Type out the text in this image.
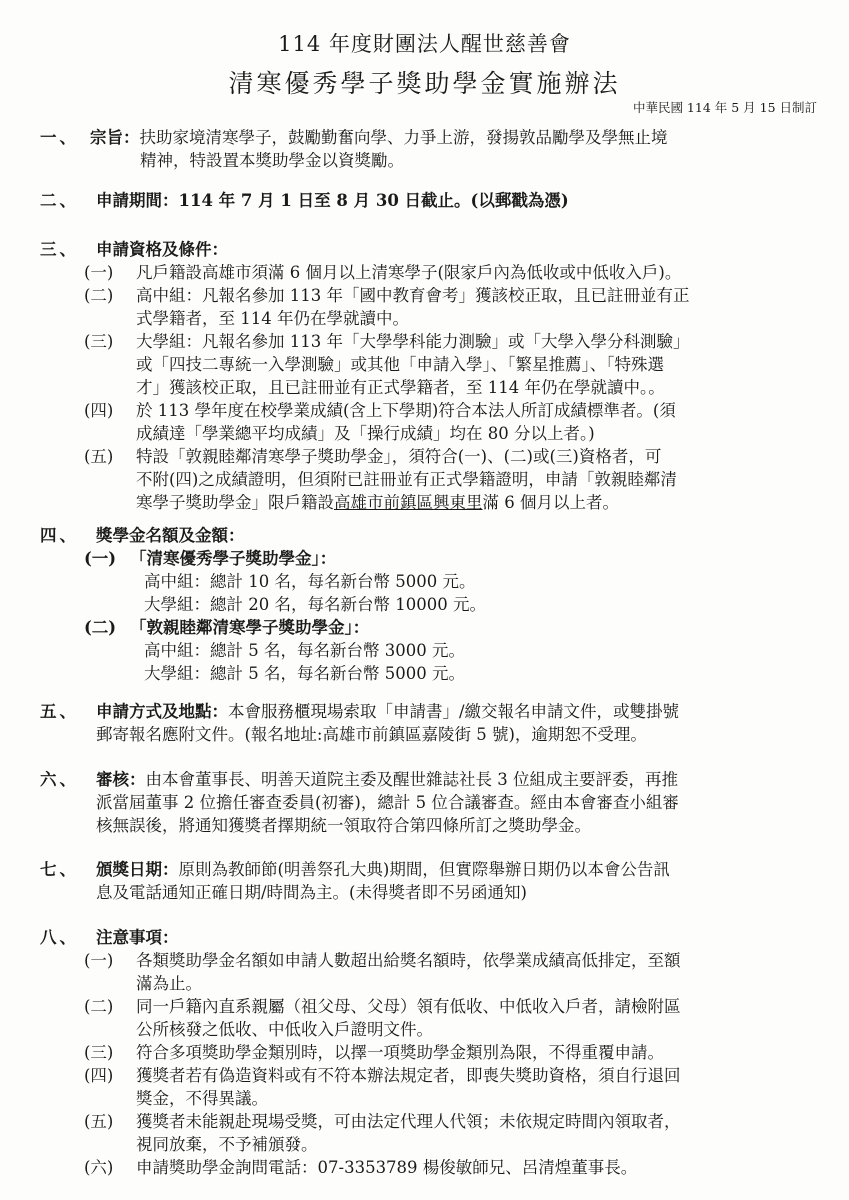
114 年度財團法人醒世慈善會
清寒優秀學子獎助學金實施辦法
中華民國 114 年 5 月 15 日制訂
一、 宗旨：扶助家境清寒學子，鼓勵勤奮向學、力爭上游，發揚敦品勵學及學無止境
精神，特設置本獎助學金以資獎勵。
二、 申請期間：114 年 7 月 1 日至 8 月 30 日截止。(以郵戳為憑)
三、 申請資格及條件：
(一) 凡戶籍設高雄市須滿 6 個月以上清寒學子(限家戶內為低收或中低收入戶)。
(二) 高中組：凡報名參加 113 年「國中教育會考」獲該校正取，且已註冊並有正
式學籍者，至 114 年仍在學就讀中。
(三) 大學組：凡報名參加 113 年「大學學科能力測驗」或「大學入學分科測驗」
或「四技二專統一入學測驗」或其他「申請入學」、「繁星推薦」、「特殊選
才」獲該校正取，且已註冊並有正式學籍者，至 114 年仍在學就讀中。。
(四) 於 113 學年度在校學業成績(含上下學期)符合本法人所訂成績標準者。(須
成績達「學業總平均成績」及「操行成績」均在 80 分以上者。)
(五) 特設「敦親睦鄰清寒學子獎助學金」，須符合(一)、(二)或(三)資格者，可
不附(四)之成績證明，但須附已註冊並有正式學籍證明，申請「敦親睦鄰清
寒學子獎助學金」限戶籍設高雄市前鎮區興東里滿 6 個月以上者。
四、 獎學金名額及金額：
(一) 「清寒優秀學子獎助學金」：
高中組：總計 10 名，每名新台幣 5000 元。
大學組：總計 20 名，每名新台幣 10000 元。
(二) 「敦親睦鄰清寒學子獎助學金」：
高中組：總計 5 名，每名新台幣 3000 元。
大學組：總計 5 名，每名新台幣 5000 元。
五、 申請方式及地點：本會服務櫃現場索取「申請書」/繳交報名申請文件，或雙掛號
郵寄報名應附文件。(報名地址:高雄市前鎮區嘉陵街 5 號)，逾期恕不受理。
六、 審核：由本會董事長、明善天道院主委及醒世雜誌社長 3 位組成主要評委，再推
派當屆董事 2 位擔任審查委員(初審)，總計 5 位合議審查。經由本會審查小組審
核無誤後，將通知獲獎者擇期統一領取符合第四條所訂之獎助學金。
七、 頒獎日期：原則為教師節(明善祭孔大典)期間，但實際舉辦日期仍以本會公告訊
息及電話通知正確日期/時間為主。(未得獎者即不另函通知)
八、 注意事項：
(一) 各類獎助學金名額如申請人數超出給獎名額時，依學業成績高低排定，至額
滿為止。
(二) 同一戶籍內直系親屬（祖父母、父母）領有低收、中低收入戶者，請檢附區
公所核發之低收、中低收入戶證明文件。
(三) 符合多項獎助學金類別時，以擇一項獎助學金類別為限，不得重覆申請。
(四) 獲獎者若有偽造資料或有不符本辦法規定者，即喪失獎助資格，須自行退回
獎金，不得異議。
(五) 獲獎者未能親赴現場受獎，可由法定代理人代領；未依規定時間內領取者，
視同放棄，不予補頒發。
(六) 申請獎助學金詢問電話：07-3353789 楊俊敏師兄、呂清煌董事長。
